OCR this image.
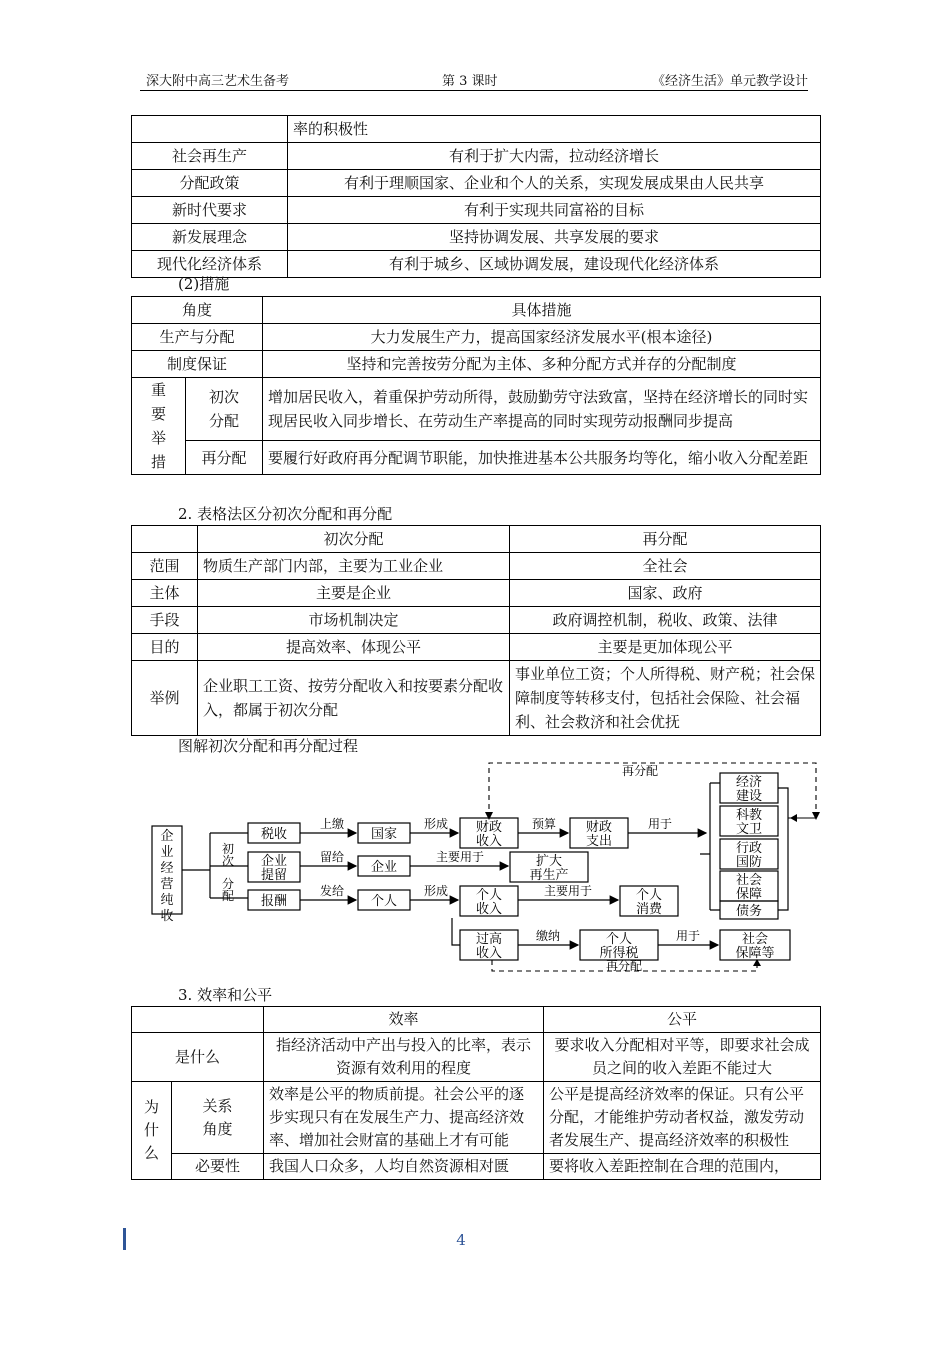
深大附中高三艺术生备考	第 3 课时	《经济生活》单元教学设计
	率的积极性
社会再生产	有利于扩大内需，拉动经济增长
分配政策	有利于理顺国家、企业和个人的关系，实现发展成果由人民共享
新时代要求	有利于实现共同富裕的目标
新发展理念	坚持协调发展、共享发展的要求
现代化经济体系	有利于城乡、区域协调发展，建设现代化经济体系
(2)措施
角度		具体措施
生产与分配		大力发展生产力，提高国家经济发展水平(根本途径)
制度保证		坚持和完善按劳分配为主体、多种分配方式并存的分配制度
重要举措	初次分配	增加居民收入，着重保护劳动所得，鼓励勤劳守法致富，坚持在经济增长的同时实现居民收入同步增长、在劳动生产率提高的同时实现劳动报酬同步提高
	再分配	要履行好政府再分配调节职能，加快推进基本公共服务均等化，缩小收入分配差距
2. 表格法区分初次分配和再分配
	初次分配	再分配
范围	物质生产部门内部，主要为工业企业	全社会
主体	主要是企业	国家、政府
手段	市场机制决定	政府调控机制，税收、政策、法律
目的	提高效率、体现公平	主要是更加体现公平
举例	企业职工工资、按劳分配收入和按要素分配收入，都属于初次分配	事业单位工资；个人所得税、财产税；社会保障制度等转移支付，包括社会保险、社会福利、社会救济和社会优抚
图解初次分配和再分配过程
企
业
经
营
纯
收
初
次
分
配
税收
上缴
国家
形成 财政
收入
预算 财政
支出
用于
企业
提留
留给
企业
主要用于	扩大
再生产
报酬
发给
个人
形成 个人
收入
主要用于	个人
消费
过高
收入
缴纳	个人
所得税
用于	社会
保障等
再分配
再分配
经济
建设
科教
文卫
行政
国防
社会
保障
债务
3. 效率和公平
		效率	公平
是什么		指经济活动中产出与投入的比率，表示资源有效利用的程度	要求收入分配相对平等，即要求社会成员之间的收入差距不能过大
为什么	关系角度	效率是公平的物质前提。社会公平的逐步实现只有在发展生产力、提高经济效率、增加社会财富的基础上才有可能	公平是提高经济效率的保证。只有公平分配，才能维护劳动者权益，激发劳动者发展生产、提高经济效率的积极性
	必要性	我国人口众多，人均自然资源相对匮	要将收入差距控制在合理的范围内，
4
